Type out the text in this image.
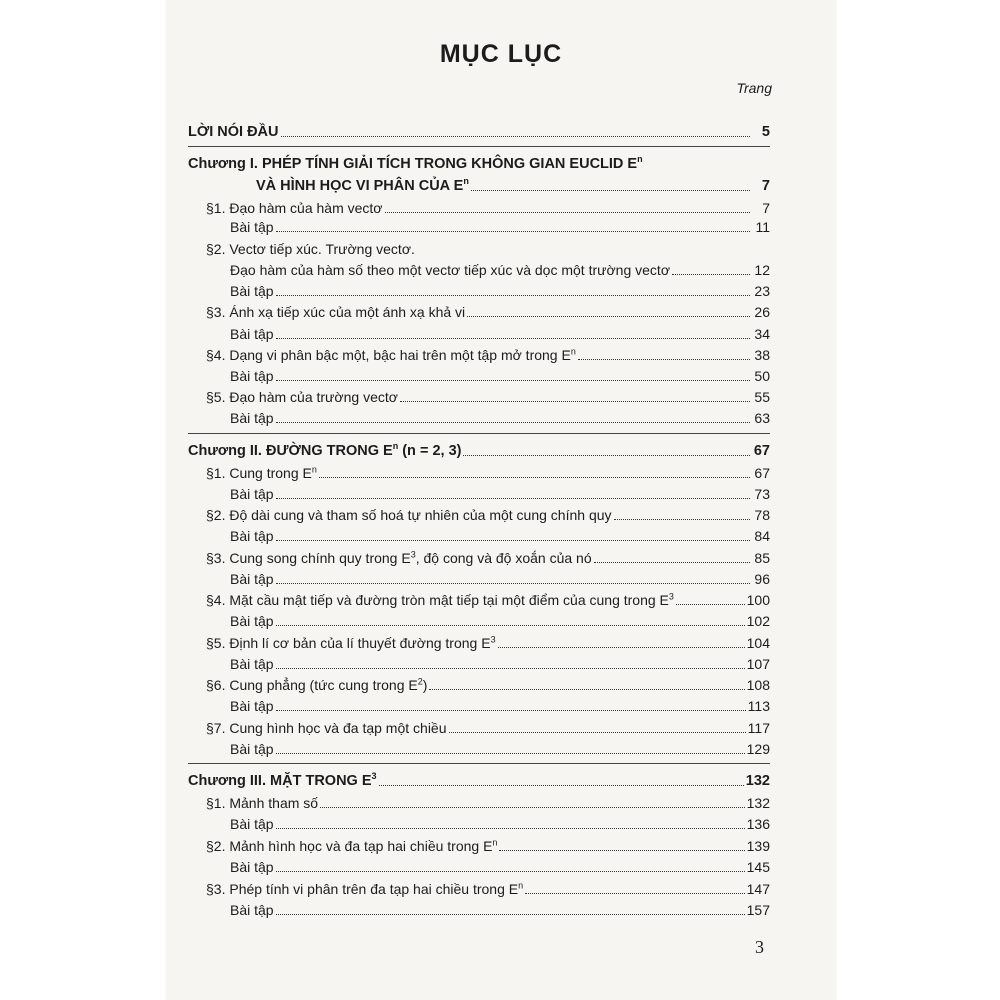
MỤC LỤC
Trang
LỜI NÓI ĐẦU	5
Chương I. PHÉP TÍNH GIẢI TÍCH TRONG KHÔNG GIAN EUCLID $E^n$
VÀ HÌNH HỌC VI PHÂN CỦA $E^n$	7
§1. Đạo hàm của hàm vectơ	7
Bài tập	11
§2. Vectơ tiếp xúc. Trường vectơ.
Đạo hàm của hàm số theo một vectơ tiếp xúc và dọc một trường vectơ	12
Bài tập	23
§3. Ánh xạ tiếp xúc của một ánh xạ khả vi	26
Bài tập	34
§4. Dạng vi phân bậc một, bậc hai trên một tập mở trong $E^n$	38
Bài tập	50
§5. Đạo hàm của trường vectơ	55
Bài tập	63
Chương II. ĐƯỜNG TRONG $E^n$ (n = 2, 3)	67
§1. Cung trong $E^n$	67
Bài tập	73
§2. Độ dài cung và tham số hoá tự nhiên của một cung chính quy	78
Bài tập	84
§3. Cung song chính quy trong $E^3$, độ cong và độ xoắn của nó	85
Bài tập	96
§4. Mặt cầu mật tiếp và đường tròn mật tiếp tại một điểm của cung trong $E^3$	100
Bài tập	102
§5. Định lí cơ bản của lí thuyết đường trong $E^3$	104
Bài tập	107
§6. Cung phẳng (tức cung trong $E^2$)	108
Bài tập	113
§7. Cung hình học và đa tạp một chiều	117
Bài tập	129
Chương III. MẶT TRONG $E^3$	132
§1. Mảnh tham số	132
Bài tập	136
§2. Mảnh hình học và đa tạp hai chiều trong $E^n$	139
Bài tập	145
§3. Phép tính vi phân trên đa tạp hai chiều trong $E^n$	147
Bài tập	157
3
